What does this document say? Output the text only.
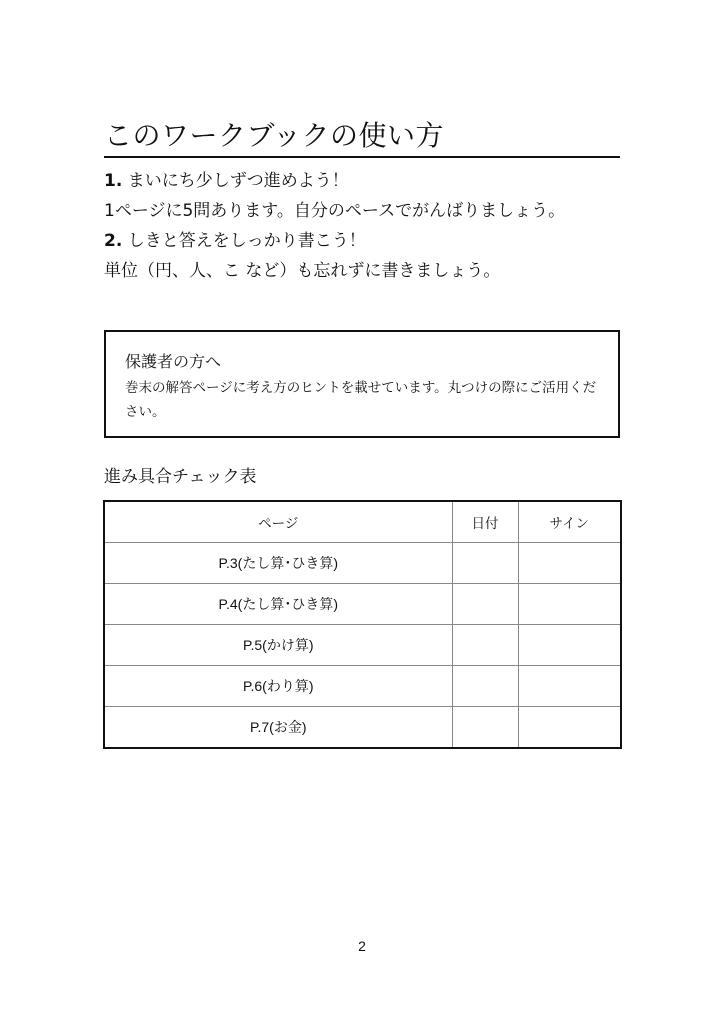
このワークブックの使い方
1. まいにち少しずつ進めよう！
1ページに5問あります。自分のペースでがんばりましょう。
2. しきと答えをしっかり書こう！
単位（円、人、こ など）も忘れずに書きましょう。
保護者の方へ
巻末の解答ページに考え方のヒントを載せています。丸つけの際にご活用ください。
進み具合チェック表
ページ	日付	サイン
P.3(たし算･ひき算)		
P.4(たし算･ひき算)		
P.5(かけ算)		
P.6(わり算)		
P.7(お金)		
2
